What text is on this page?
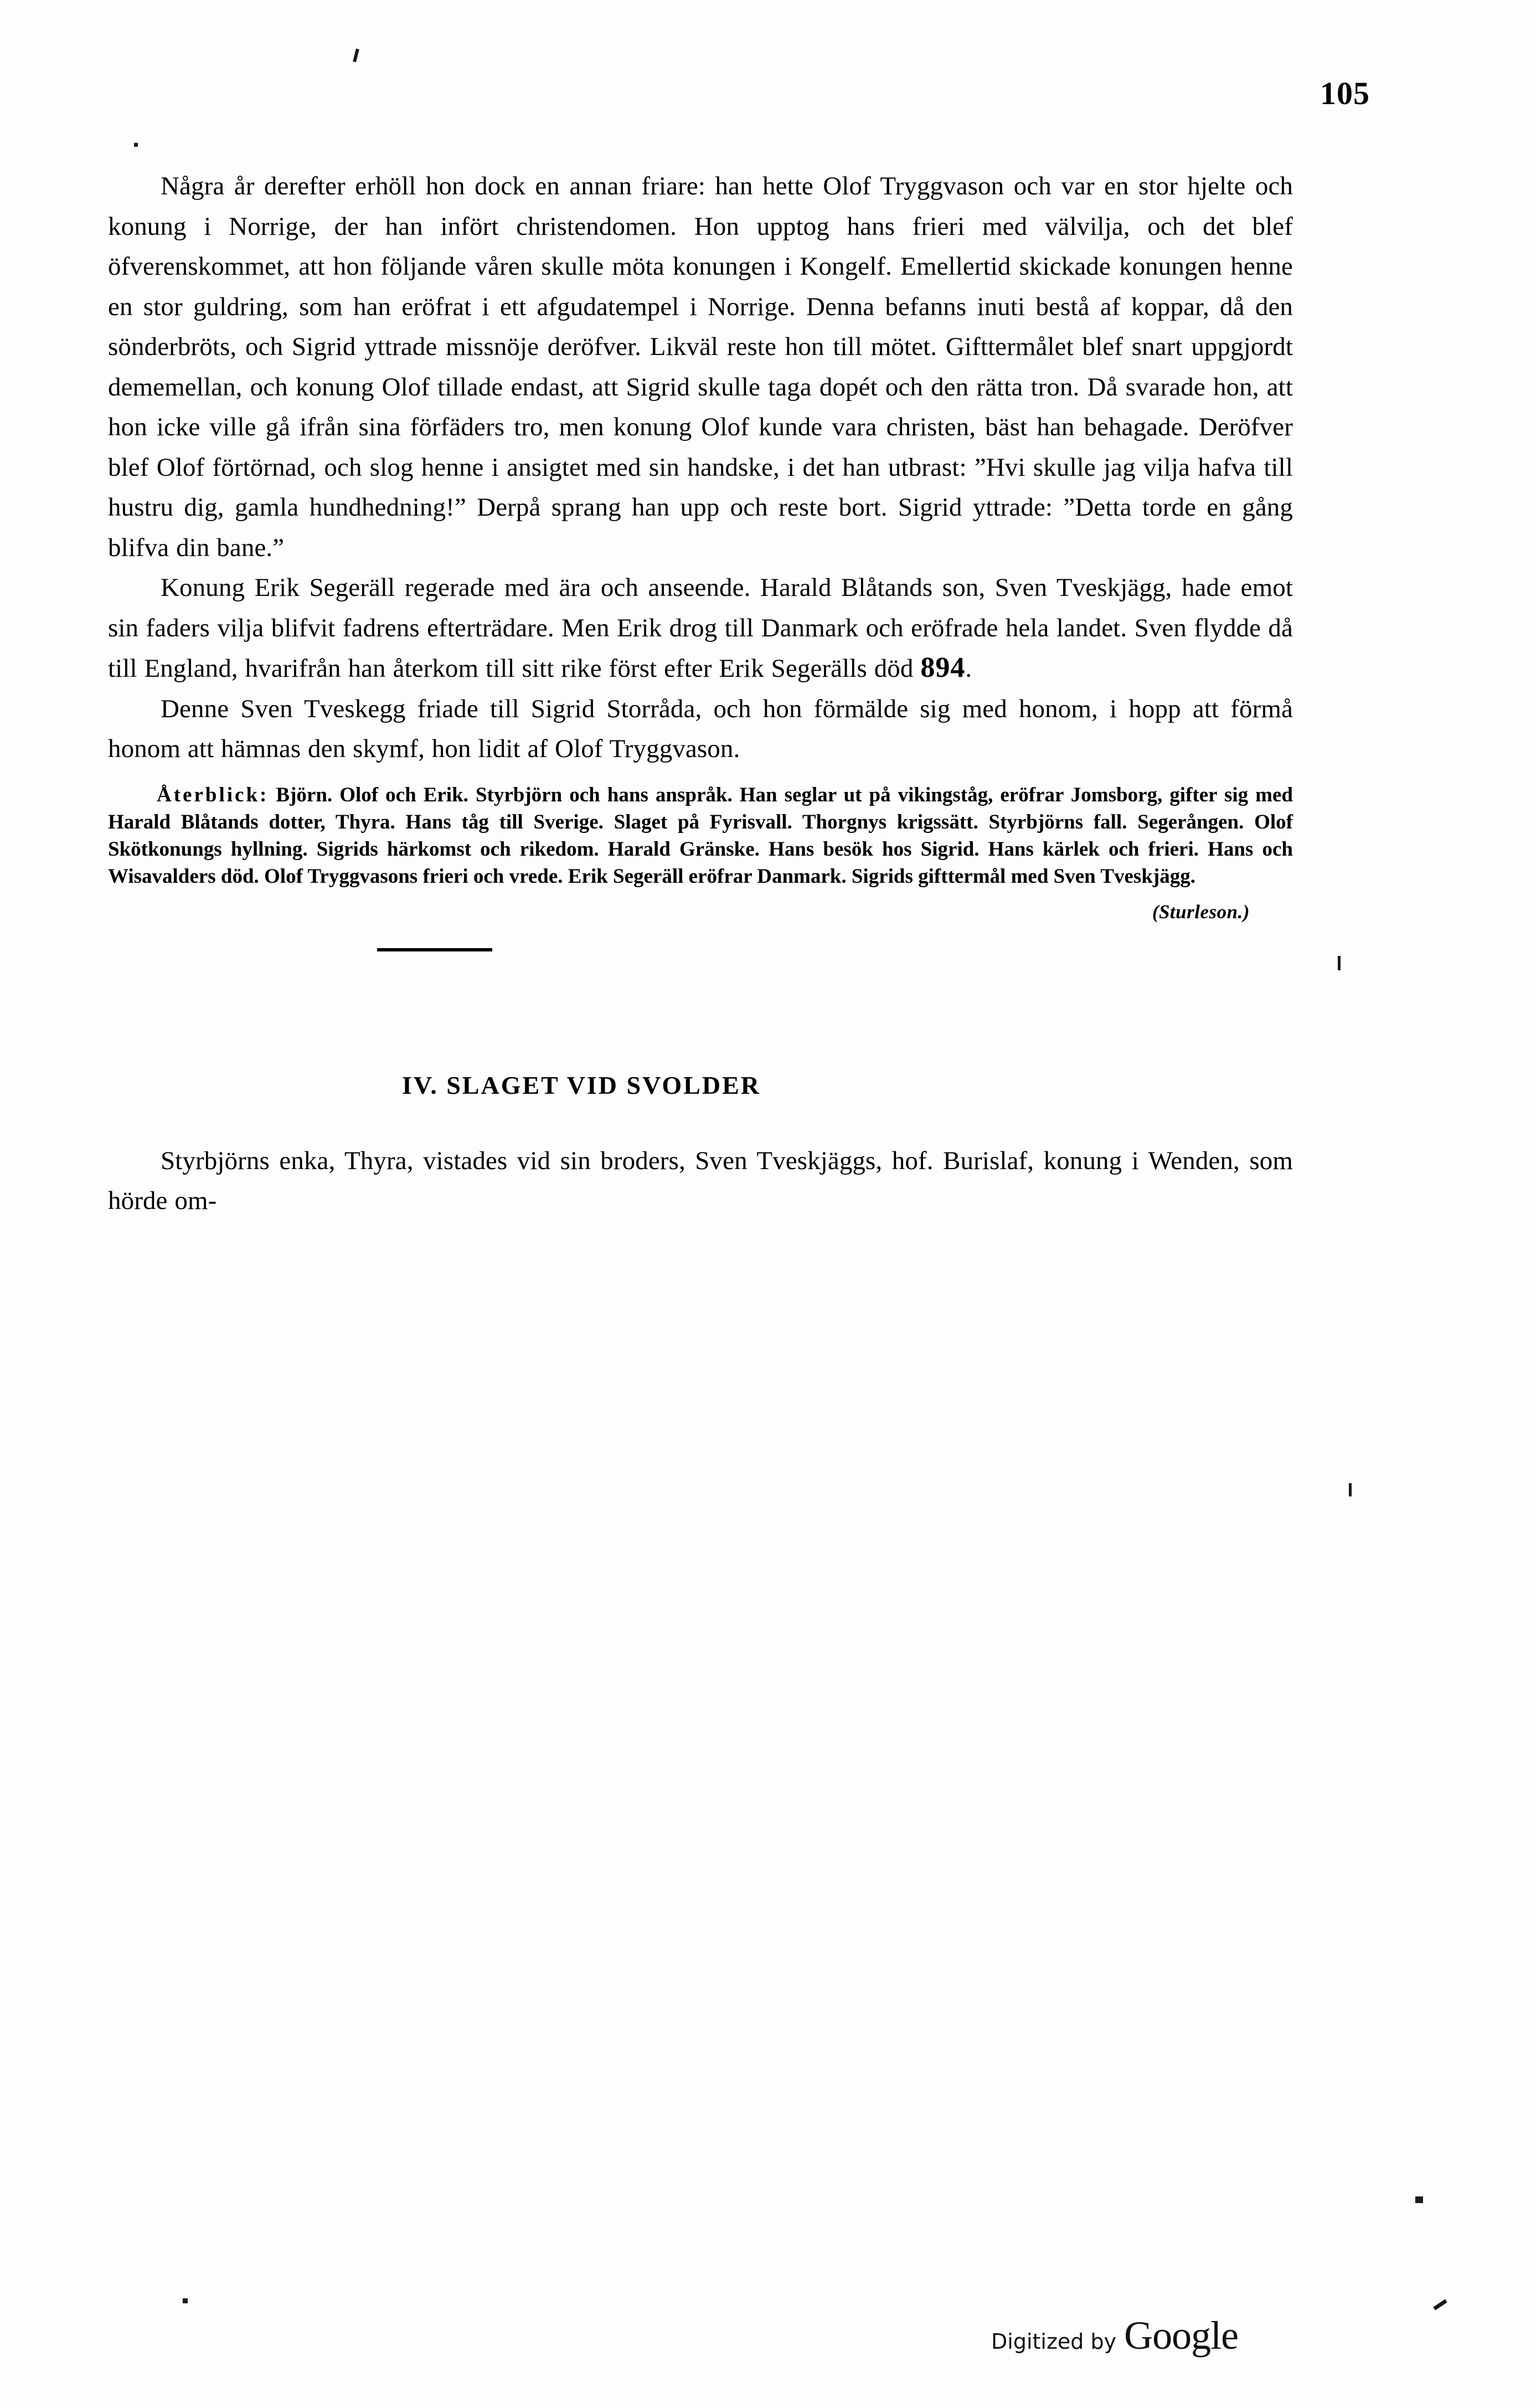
105

Några år derefter erhöll hon dock en annan friare: han hette Olof Tryggvason och var en stor hjelte och konung i Norrige, der han infört christendomen. Hon upptog hans frieri med välvilja, och det blef öfverenskommet, att hon följande våren skulle möta konungen i Kongelf. Emellertid skickade konungen henne en stor guldring, som han eröfrat i ett afgudatempel i Norrige. Denna befanns inuti bestå af koppar, då den sönderbröts, och Sigrid yttrade missnöje deröfver. Likväl reste hon till mötet. Gifttermålet blef snart uppgjordt dememellan, och konung Olof tillade endast, att Sigrid skulle taga dopét och den rätta tron. Då svarade hon, att hon icke ville gå ifrån sina förfäders tro, men konung Olof kunde vara christen, bäst han behagade. Deröfver blef Olof förtörnad, och slog henne i ansigtet med sin handske, i det han utbrast: ”Hvi skulle jag vilja hafva till hustru dig, gamla hundhedning!” Derpå sprang han upp och reste bort. Sigrid yttrade: ”Detta torde en gång blifva din bane.”

Konung Erik Segeräll regerade med ära och anseende. Harald Blåtands son, Sven Tveskjägg, hade emot sin faders vilja blifvit fadrens efterträdare. Men Erik drog till Danmark och eröfrade hela landet. Sven flydde då till England, hvarifrån han återkom till sitt rike först efter Erik Segerälls död 894.

Denne Sven Tveskegg friade till Sigrid Storråda, och hon förmälde sig med honom, i hopp att förmå honom att hämnas den skymf, hon lidit af Olof Tryggvason.

Återblick: Björn. Olof och Erik. Styrbjörn och hans anspråk. Han seglar ut på vikingståg, eröfrar Jomsborg, gifter sig med Harald Blåtands dotter, Thyra. Hans tåg till Sverige. Slaget på Fyrisvall. Thorgnys krigssätt. Styrbjörns fall. Segerången. Olof Skötkonungs hyllning. Sigrids härkomst och rikedom. Harald Gränske. Hans besök hos Sigrid. Hans kärlek och frieri. Hans och Wisavalders död. Olof Tryggvasons frieri och vrede. Erik Segeräll eröfrar Danmark. Sigrids gifttermål med Sven Tveskjägg.

(Sturleson.)

IV. SLAGET VID SVOLDER

Styrbjörns enka, Thyra, vistades vid sin broders, Sven Tveskjäggs, hof. Burislaf, konung i Wenden, som hörde om-

Digitized by Google
